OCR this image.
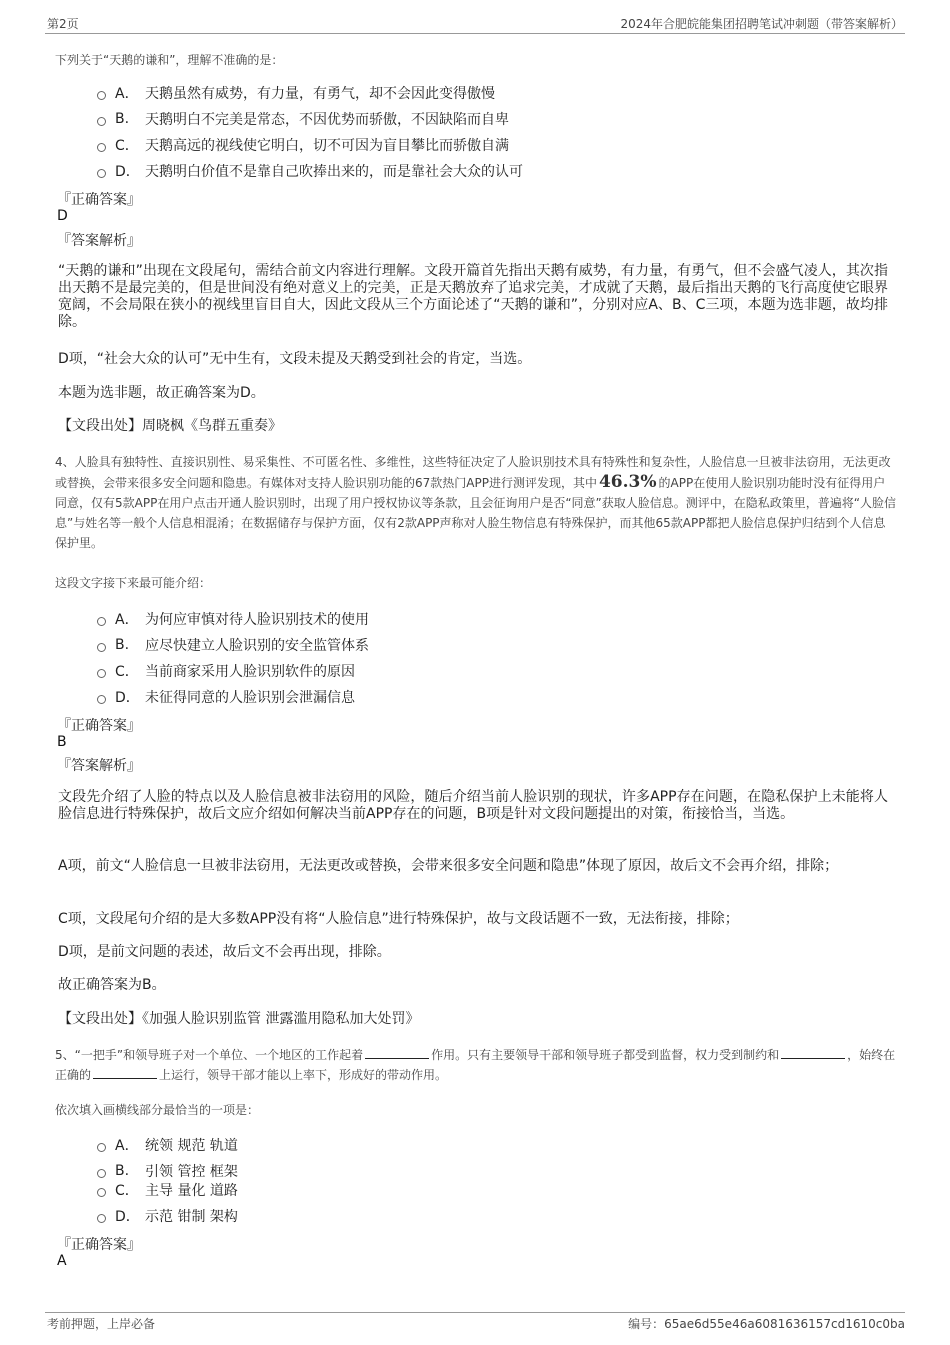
第2页	2024年合肥皖能集团招聘笔试冲刺题（带答案解析）
下列关于“天鹅的谦和”，理解不准确的是：
A． 天鹅虽然有威势，有力量，有勇气，却不会因此变得傲慢
B.	天鹅明白不完美是常态，不因优势而骄傲，不因缺陷而自卑
C． 天鹅高远的视线使它明白，切不可因为盲目攀比而骄傲自满
D． 天鹅明白价值不是靠自己吹捧出来的，而是靠社会大众的认可
『正确答案』
D
『答案解析』
“天鹅的谦和”出现在文段尾句，需结合前文内容进行理解。文段开篇首先指出天鹅有威势，有力量，有勇气，但不会盛气凌人，其次指出天鹅不是最完美的，但是世间没有绝对意义上的完美，正是天鹅放弃了追求完美，才成就了天鹅，最后指出天鹅的飞行高度使它眼界宽阔，不会局限在狭小的视线里盲目自大，因此文段从三个方面论述了“天鹅的谦和”，分别对应A、B、C三项，本题为选非题，故均排除。
D项，“社会大众的认可”无中生有，文段未提及天鹅受到社会的肯定，当选。
本题为选非题，故正确答案为D。
【文段出处】周晓枫《鸟群五重奏》
4、人脸具有独特性、直接识别性、易采集性、不可匿名性、多维性，这些特征决定了人脸识别技术具有特殊性和复杂性，人脸信息一旦被非法窃用，无法更改或替换，会带来很多安全问题和隐患。有媒体对支持人脸识别功能的67款热门APP进行测评发现，其中 46.3% 的APP在使用人脸识别功能时没有征得用户同意，仅有5款APP在用户点击开通人脸识别时，出现了用户授权协议等条款，且会征询用户是否“同意”获取人脸信息。测评中，在隐私政策里，普遍将“人脸信息”与姓名等一般个人信息相混淆；在数据储存与保护方面，仅有2款APP声称对人脸生物信息有特殊保护，而其他65款APP都把人脸信息保护归结到个人信息保护里。
这段文字接下来最可能介绍：
A． 为何应审慎对待人脸识别技术的使用
B.	应尽快建立人脸识别的安全监管体系
C． 当前商家采用人脸识别软件的原因
D． 未征得同意的人脸识别会泄漏信息
『正确答案』
B
『答案解析』
文段先介绍了人脸的特点以及人脸信息被非法窃用的风险，随后介绍当前人脸识别的现状，许多APP存在问题，在隐私保护上未能将人脸信息进行特殊保护，故后文应介绍如何解决当前APP存在的问题，B项是针对文段问题提出的对策，衔接恰当，当选。
A项，前文“人脸信息一旦被非法窃用，无法更改或替换，会带来很多安全问题和隐患”体现了原因，故后文不会再介绍，排除；
C项，文段尾句介绍的是大多数APP没有将“人脸信息”进行特殊保护，故与文段话题不一致，无法衔接，排除；
D项，是前文问题的表述，故后文不会再出现，排除。
故正确答案为B。
【文段出处】《加强人脸识别监管 泄露滥用隐私加大处罚》
5、“一把手”和领导班子对一个单位、一个地区的工作起着	作用。只有主要领导干部和领导班子都受到监督，权力受到制约和	，始终在正确的	上运行，领导干部才能以上率下，形成好的带动作用。
依次填入画横线部分最恰当的一项是：
A． 统领 规范 轨道
B.	引领 管控 框架
C． 主导 量化 道路
D． 示范 钳制 架构
『正确答案』
A
考前押题，上岸必备	编号：65ae6d55e46a6081636157cd1610c0ba
